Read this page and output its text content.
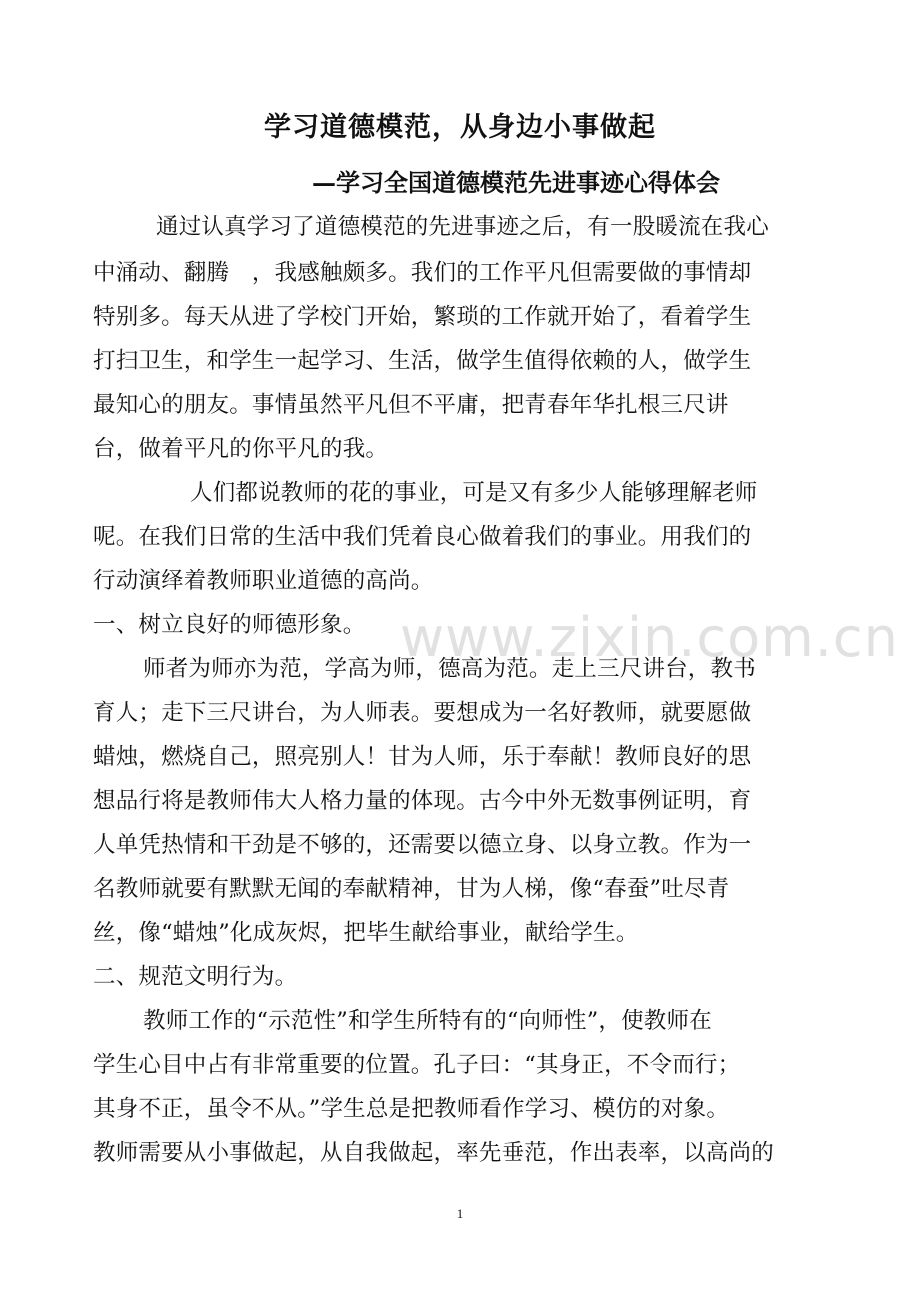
学习道德模范，从身边小事做起
—学习全国道德模范先进事迹心得体会
通过认真学习了道德模范的先进事迹之后，有一股暖流在我心
中涌动、翻腾　，我感触颇多。我们的工作平凡但需要做的事情却
特别多。每天从进了学校门开始，繁琐的工作就开始了，看着学生
打扫卫生，和学生一起学习、生活，做学生值得依赖的人，做学生
最知心的朋友。事情虽然平凡但不平庸，把青春年华扎根三尺讲
台，做着平凡的你平凡的我。
人们都说教师的花的事业，可是又有多少人能够理解老师
呢。在我们日常的生活中我们凭着良心做着我们的事业。用我们的
行动演绎着教师职业道德的高尚。
一、树立良好的师德形象。
师者为师亦为范，学高为师，德高为范。走上三尺讲台，教书
育人；走下三尺讲台，为人师表。要想成为一名好教师，就要愿做
蜡烛，燃烧自己，照亮别人！甘为人师，乐于奉献！教师良好的思
想品行将是教师伟大人格力量的体现。古今中外无数事例证明，育
人单凭热情和干劲是不够的，还需要以德立身、以身立教。作为一
名教师就要有默默无闻的奉献精神，甘为人梯，像“春蚕”吐尽青
丝，像“蜡烛”化成灰烬，把毕生献给事业，献给学生。
二、规范文明行为。
教师工作的“示范性”和学生所特有的“向师性”，使教师在
学生心目中占有非常重要的位置。孔子曰：“其身正，不令而行；
其身不正，虽令不从。”学生总是把教师看作学习、模仿的对象。
教师需要从小事做起，从自我做起，率先垂范，作出表率，以高尚的
www.zixin.com.cn
1
